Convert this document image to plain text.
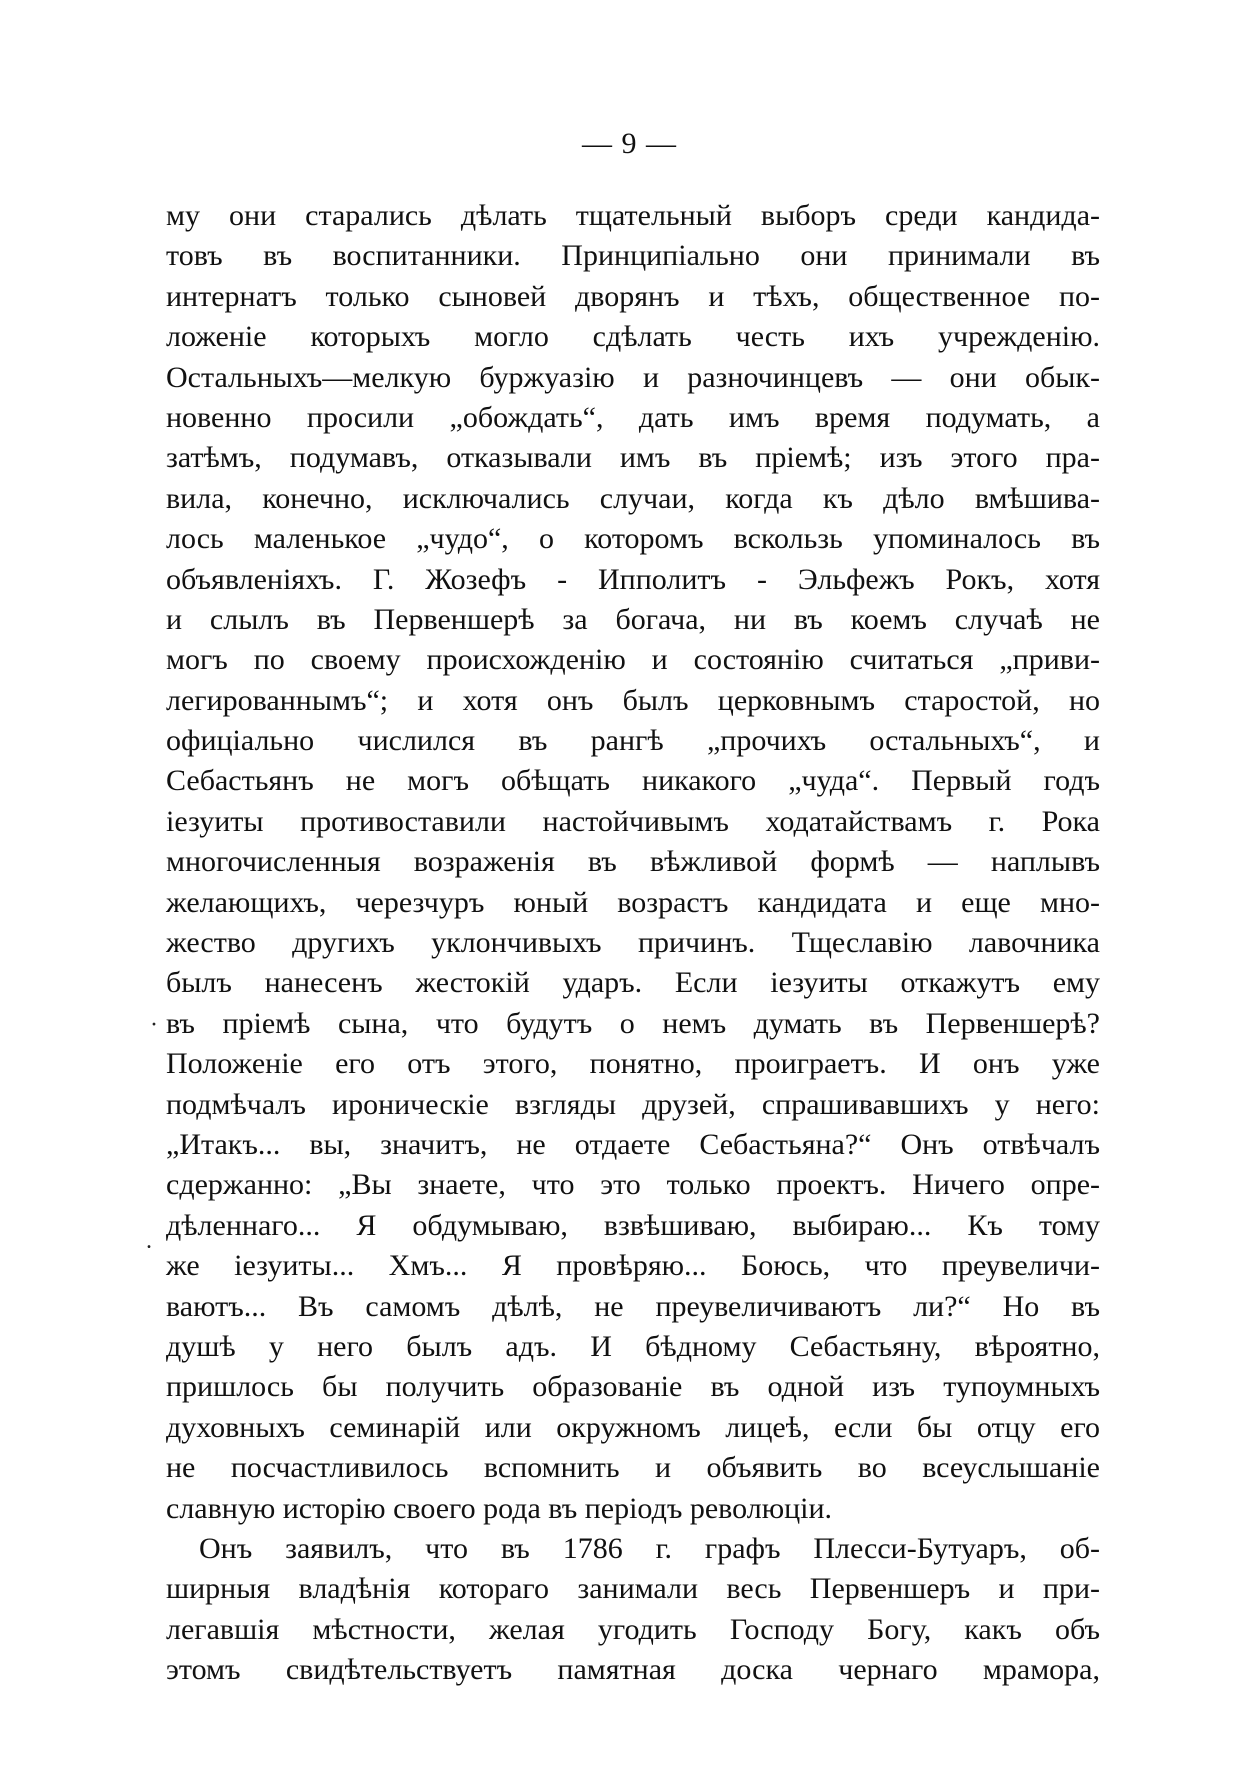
— 9 —
·
.
му они старались дѣлать тщательный выборъ среди кандида-
товъ въ воспитанники. Принципіально они принимали въ
интернатъ только сыновей дворянъ и тѣхъ, общественное по-
ложеніе которыхъ могло сдѣлать честь ихъ учрежденію.
Остальныхъ—мелкую буржуазію и разночинцевъ — они обык-
новенно просили „обождать“, дать имъ время подумать, а
затѣмъ, подумавъ, отказывали имъ въ пріемѣ; изъ этого пра-
вила, конечно, исключались случаи, когда къ дѣло вмѣшива-
лось маленькое „чудо“, о которомъ вскользь упоминалось въ
объявленіяхъ. Г. Жозефъ - Ипполитъ - Эльфежъ Рокъ, хотя
и слылъ въ Первеншерѣ за богача, ни въ коемъ случаѣ не
могъ по своему происхожденію и состоянію считаться „приви-
легированнымъ“; и хотя онъ былъ церковнымъ старостой, но
офиціально числился въ рангѣ „прочихъ остальныхъ“, и
Себастьянъ не могъ обѣщать никакого „чуда“. Первый годъ
іезуиты противоставили настойчивымъ ходатайствамъ г. Рока
многочисленныя возраженія въ вѣжливой формѣ — наплывъ
желающихъ, черезчуръ юный возрастъ кандидата и еще мно-
жество другихъ уклончивыхъ причинъ. Тщеславію лавочника
былъ нанесенъ жестокій ударъ. Если іезуиты откажутъ ему
въ пріемѣ сына, что будутъ о немъ думать въ Первеншерѣ?
Положеніе его отъ этого, понятно, проиграетъ. И онъ уже
подмѣчалъ ироническіе взгляды друзей, спрашивавшихъ у него:
„Итакъ... вы, значитъ, не отдаете Себастьяна?“ Онъ отвѣчалъ
сдержанно: „Вы знаете, что это только проектъ. Ничего опре-
дѣленнаго... Я обдумываю, взвѣшиваю, выбираю... Къ тому
же іезуиты... Хмъ... Я провѣряю... Боюсь, что преувеличи-
ваютъ... Въ самомъ дѣлѣ, не преувеличиваютъ ли?“ Но въ
душѣ у него былъ адъ. И бѣдному Себастьяну, вѣроятно,
пришлось бы получить образованіе въ одной изъ тупоумныхъ
духовныхъ семинарій или окружномъ лицеѣ, если бы отцу его
не посчастливилось вспомнить и объявить во всеуслышаніе
славную исторію своего рода въ періодъ революціи.
Онъ заявилъ, что въ 1786 г. графъ Плесси-Бутуаръ, об-
ширныя владѣнія котораго занимали весь Первеншеръ и при-
легавшія мѣстности, желая угодить Господу Богу, какъ объ
этомъ свидѣтельствуетъ памятная доска чернаго мрамора,
